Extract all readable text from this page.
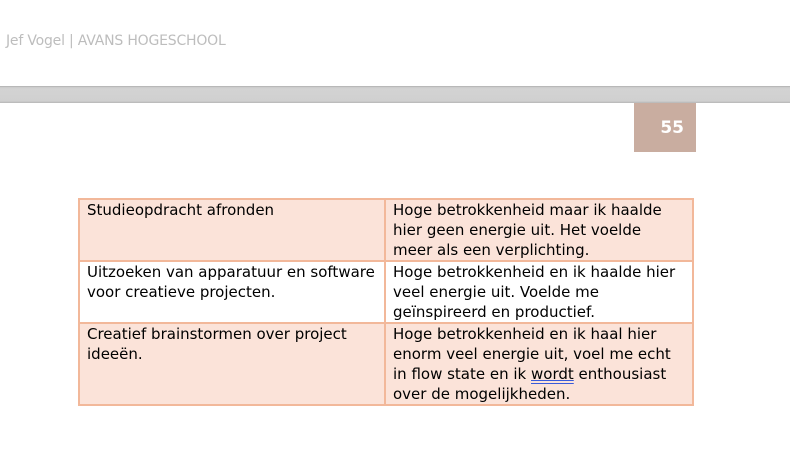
Jef Vogel | AVANS HOGESCHOOL
55
Studieopdracht afronden	Hoge betrokkenheid maar ik haalde hier geen energie uit. Het voelde meer als een verplichting.
Uitzoeken van apparatuur en software voor creatieve projecten.	Hoge betrokkenheid en ik haalde hier veel energie uit. Voelde me geïnspireerd en productief.
Creatief brainstormen over project ideeën.	Hoge betrokkenheid en ik haal hier enorm veel energie uit, voel me echt in flow state en ik wordt enthousiast over de mogelijkheden.
